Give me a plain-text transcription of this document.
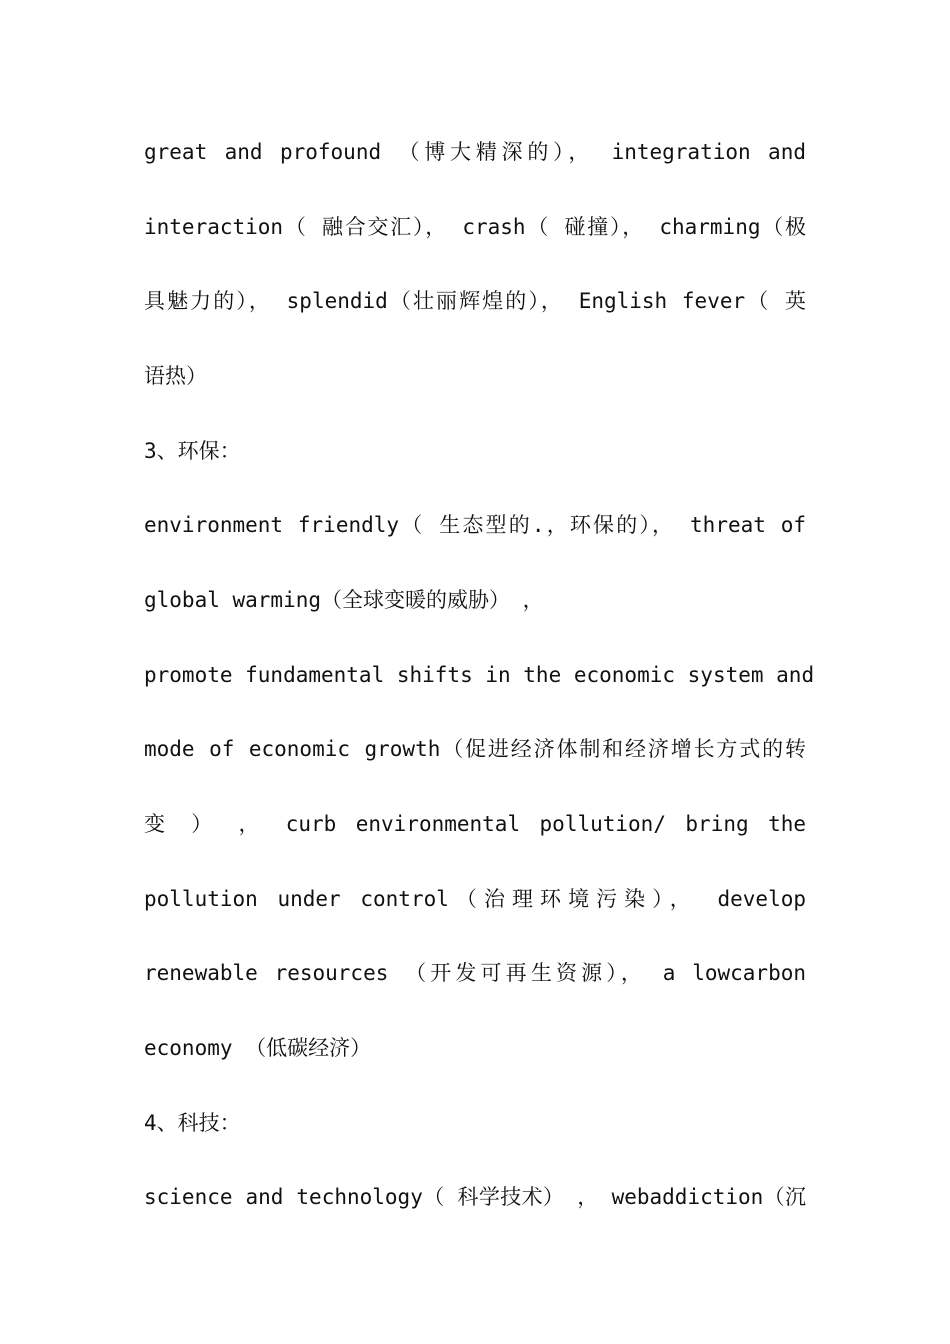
great and profound （博大精深的）， integration and
interaction（ 融合交汇）， crash（ 碰撞）， charming（极
具魅力的）， splendid（壮丽辉煌的）， English fever（ 英
语热）
3、环保：
environment friendly（ 生态型的.，环保的）， threat of
global warming（全球变暖的威胁） ，
promote fundamental shifts in the economic system and
mode of economic growth（促进经济体制和经济增长方式的转
变 ） ， curb environmental pollution/ bring the
pollution under control（治理环境污染）， develop
renewable resources （开发可再生资源）， a lowcarbon
economy （低碳经济）
4、科技：
science and technology（ 科学技术） ， webaddiction（沉
